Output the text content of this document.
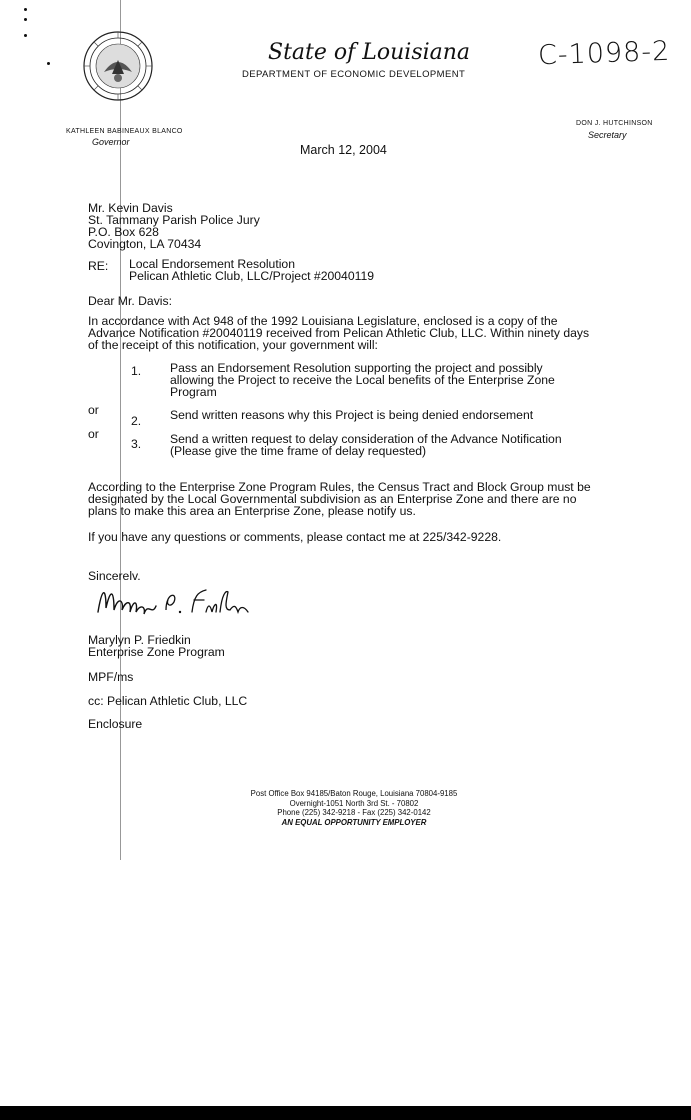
State of Louisiana
DEPARTMENT OF ECONOMIC DEVELOPMENT
C-1098-2
KATHLEEN BABINEAUX BLANCO
Governor
DON J. HUTCHINSON
Secretary
March 12, 2004
Mr. Kevin Davis
St. Tammany Parish Police Jury
P.O. Box 628
Covington, LA 70434
RE: Local Endorsement Resolution
Pelican Athletic Club, LLC/Project #20040119
Dear Mr. Davis:
In accordance with Act 948 of the 1992 Louisiana Legislature, enclosed is a copy of the
Advance Notification #20040119 received from Pelican Athletic Club, LLC. Within ninety days
of the receipt of this notification, your government will:
1. Pass an Endorsement Resolution supporting the project and possibly
allowing the Project to receive the Local benefits of the Enterprise Zone
Program
or
2. Send written reasons why this Project is being denied endorsement
or
3. Send a written request to delay consideration of the Advance Notification
(Please give the time frame of delay requested)
According to the Enterprise Zone Program Rules, the Census Tract and Block Group must be
designated by the Local Governmental subdivision as an Enterprise Zone and there are no
plans to make this area an Enterprise Zone, please notify us.
If you have any questions or comments, please contact me at 225/342-9228.
Sincerelv.
Marylyn P. Friedkin
Enterprise Zone Program
MPF/ms
cc: Pelican Athletic Club, LLC
Enclosure
Post Office Box 94185/Baton Rouge, Louisiana 70804-9185
Overnight-1051 North 3rd St. - 70802
Phone (225) 342-9218 - Fax (225) 342-0142
AN EQUAL OPPORTUNITY EMPLOYER
